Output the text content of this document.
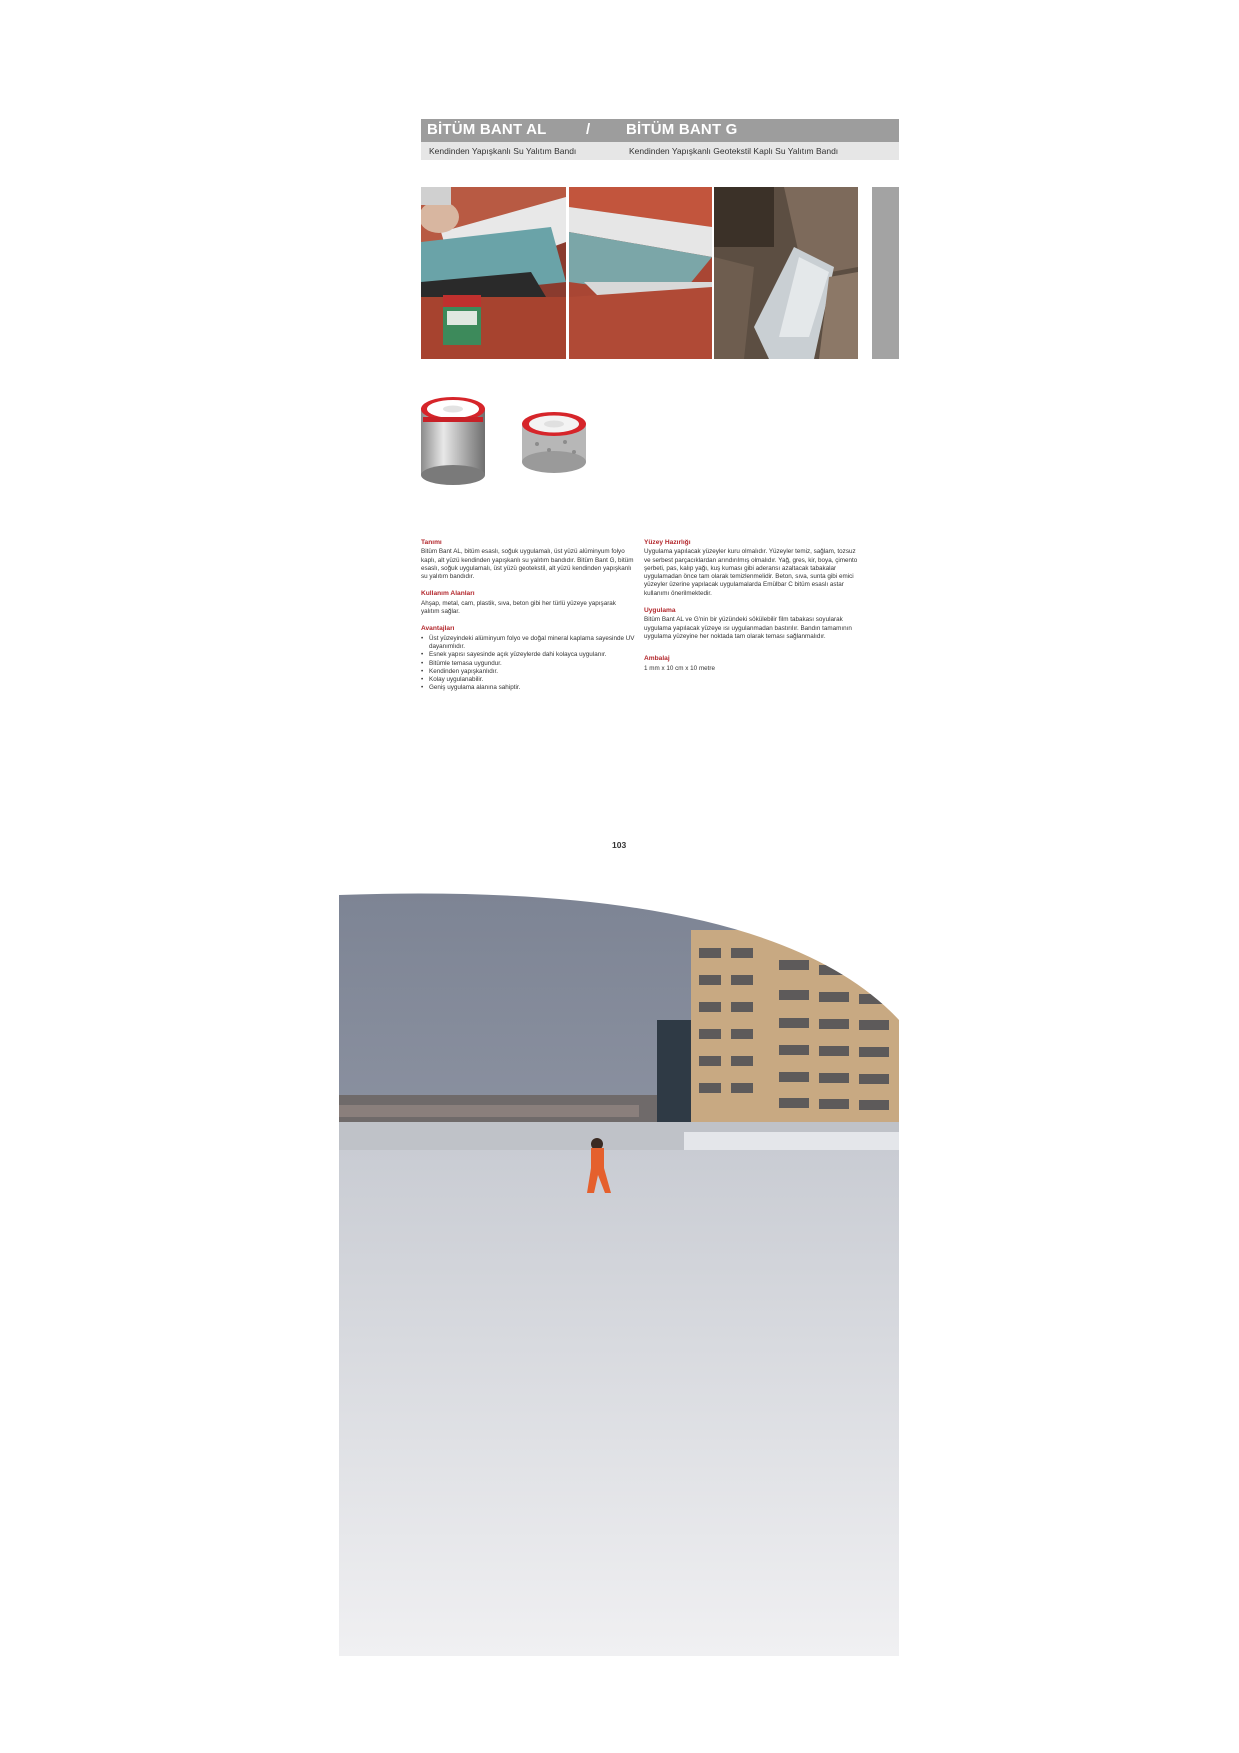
BİTÜM BANT AL	/ BİTÜM BANT G
Kendinden Yapışkanlı Su Yalıtım Bandı	Kendinden Yapışkanlı Geotekstil Kaplı Su Yalıtım Bandı
Tanımı

Bitüm Bant AL, bitüm esaslı, soğuk uygulamalı, üst yüzü alüminyum folyo kaplı, alt yüzü kendinden yapışkanlı su yalıtım bandıdır. Bitüm Bant G, bitüm esaslı, soğuk uygulamalı, üst yüzü geotekstil, alt yüzü kendinden yapışkanlı su yalıtım bandıdır.

Kullanım Alanları

Ahşap, metal, cam, plastik, sıva, beton gibi her türlü yüzeye yapışarak yalıtım sağlar.

Avantajları
• Üst yüzeyindeki alüminyum folyo ve doğal mineral kaplama sayesinde UV dayanımlıdır.
• Esnek yapısı sayesinde açık yüzeylerde dahi kolayca uygulanır.
• Bitümle temasa uygundur.
• Kendinden yapışkanlıdır.
• Kolay uygulanabilir.
• Geniş uygulama alanına sahiptir.
Yüzey Hazırlığı

Uygulama yapılacak yüzeyler kuru olmalıdır. Yüzeyler temiz, sağlam, tozsuz ve serbest parçacıklardan arındırılmış olmalıdır. Yağ, gres, kir, boya, çimento şerbeti, pas, kalıp yağı, kuş kuması gibi aderansı azaltacak tabakalar uygulamadan önce tam olarak temizlenmelidir. Beton, sıva, sunta gibi emici yüzeyler üzerine yapılacak uygulamalarda Emülbar C bitüm esaslı astar kullanımı önerilmektedir.

Uygulama

Bitüm Bant AL ve G'nin bir yüzündeki sökülebilir film tabakası soyularak uygulama yapılacak yüzeye ısı uygulanmadan bastırılır. Bandın tamamının uygulama yüzeyine her noktada tam olarak teması sağlanmalıdır.

Ambalaj

1 mm x 10 cm x 10 metre

103
